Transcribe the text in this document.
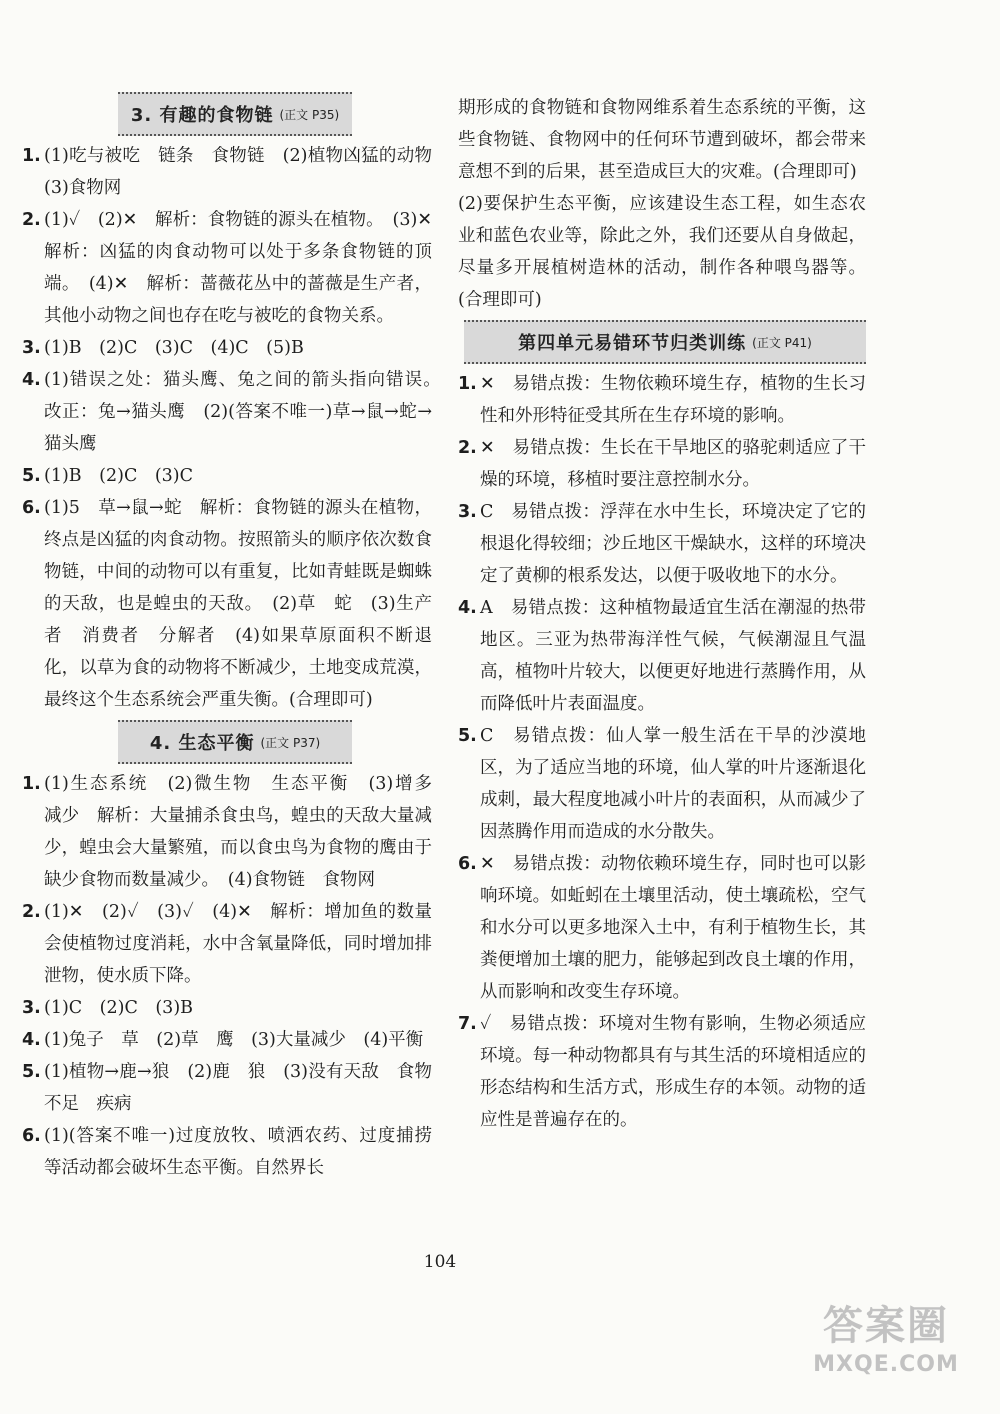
3. 有趣的食物链 (正文 P35)
1. (1)吃与被吃　链条　食物链　(2)植物凶猛的动物　(3)食物网
2. (1)✓　(2)✕　解析：食物链的源头在植物。　(3)✕　解析：凶猛的肉食动物可以处于多条食物链的顶端。　(4)✕　解析：蔷薇花丛中的蔷薇是生产者，其他小动物之间也存在吃与被吃的食物关系。
3. (1)B　(2)C　(3)C　(4)C　(5)B
4. (1)错误之处：猫头鹰、兔之间的箭头指向错误。　改正：兔→猫头鹰　(2)(答案不唯一)草→鼠→蛇→猫头鹰
5. (1)B　(2)C　(3)C
6. (1)5　草→鼠→蛇　解析：食物链的源头在植物，终点是凶猛的肉食动物。按照箭头的顺序依次数食物链，中间的动物可以有重复，比如青蛙既是蜘蛛的天敌，也是蝗虫的天敌。　(2)草　蛇　(3)生产者　消费者　分解者　(4)如果草原面积不断退化，以草为食的动物将不断减少，土地变成荒漠，最终这个生态系统会严重失衡。(合理即可)
4. 生态平衡 (正文 P37)
1. (1)生态系统　(2)微生物　生态平衡　(3)增多　减少　解析：大量捕杀食虫鸟，蝗虫的天敌大量减少，蝗虫会大量繁殖，而以食虫鸟为食物的鹰由于缺少食物而数量减少。　(4)食物链　食物网
2. (1)✕　(2)✓　(3)✓　(4)✕　解析：增加鱼的数量会使植物过度消耗，水中含氧量降低，同时增加排泄物，使水质下降。
3. (1)C　(2)C　(3)B
4. (1)兔子　草　(2)草　鹰　(3)大量减少　(4)平衡
5. (1)植物→鹿→狼　(2)鹿　狼　(3)没有天敌　食物不足　疾病
6. (1)(答案不唯一)过度放牧、喷洒农药、过度捕捞等活动都会破坏生态平衡。自然界长
期形成的食物链和食物网维系着生态系统的平衡，这些食物链、食物网中的任何环节遭到破坏，都会带来意想不到的后果，甚至造成巨大的灾难。(合理即可)
(2)要保护生态平衡，应该建设生态工程，如生态农业和蓝色农业等，除此之外，我们还要从自身做起，尽量多开展植树造林的活动，制作各种喂鸟器等。(合理即可)
第四单元易错环节归类训练 (正文 P41)
1. ✕　易错点拨：生物依赖环境生存，植物的生长习性和外形特征受其所在生存环境的影响。
2. ✕　易错点拨：生长在干旱地区的骆驼刺适应了干燥的环境，移植时要注意控制水分。
3. C　易错点拨：浮萍在水中生长，环境决定了它的根退化得较细；沙丘地区干燥缺水，这样的环境决定了黄柳的根系发达，以便于吸收地下的水分。
4. A　易错点拨：这种植物最适宜生活在潮湿的热带地区。三亚为热带海洋性气候，气候潮湿且气温高，植物叶片较大，以便更好地进行蒸腾作用，从而降低叶片表面温度。
5. C　易错点拨：仙人掌一般生活在干旱的沙漠地区，为了适应当地的环境，仙人掌的叶片逐渐退化成刺，最大程度地减小叶片的表面积，从而减少了因蒸腾作用而造成的水分散失。
6. ✕　易错点拨：动物依赖环境生存，同时也可以影响环境。如蚯蚓在土壤里活动，使土壤疏松，空气和水分可以更多地深入土中，有利于植物生长，其粪便增加土壤的肥力，能够起到改良土壤的作用，从而影响和改变生存环境。
7. ✓　易错点拨：环境对生物有影响，生物必须适应环境。每一种动物都具有与其生活的环境相适应的形态结构和生活方式，形成生存的本领。动物的适应性是普遍存在的。
104
答案圈
MXQE.COM
